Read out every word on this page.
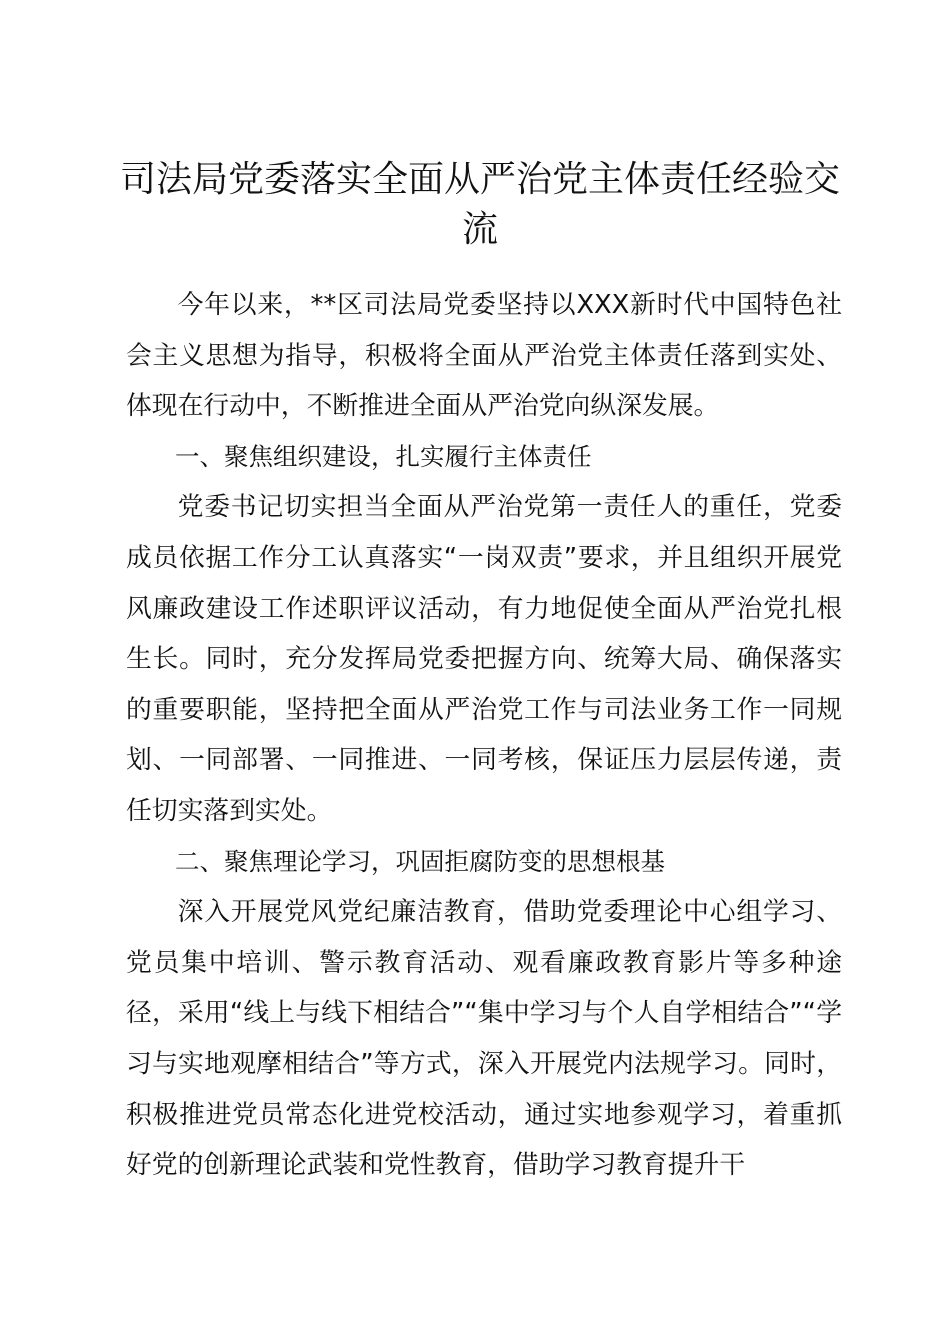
司法局党委落实全面从严治党主体责任经验交流

今年以来，**区司法局党委坚持以XXX新时代中国特色社会主义思想为指导，积极将全面从严治党主体责任落到实处、体现在行动中，不断推进全面从严治党向纵深发展。

一、聚焦组织建设，扎实履行主体责任

党委书记切实担当全面从严治党第一责任人的重任，党委成员依据工作分工认真落实“一岗双责”要求，并且组织开展党风廉政建设工作述职评议活动，有力地促使全面从严治党扎根生长。同时，充分发挥局党委把握方向、统筹大局、确保落实的重要职能，坚持把全面从严治党工作与司法业务工作一同规划、一同部署、一同推进、一同考核，保证压力层层传递，责任切实落到实处。

二、聚焦理论学习，巩固拒腐防变的思想根基

深入开展党风党纪廉洁教育，借助党委理论中心组学习、党员集中培训、警示教育活动、观看廉政教育影片等多种途径，采用“线上与线下相结合”“集中学习与个人自学相结合”“学习与实地观摩相结合”等方式，深入开展党内法规学习。同时，积极推进党员常态化进党校活动，通过实地参观学习，着重抓好党的创新理论武装和党性教育，借助学习教育提升干
